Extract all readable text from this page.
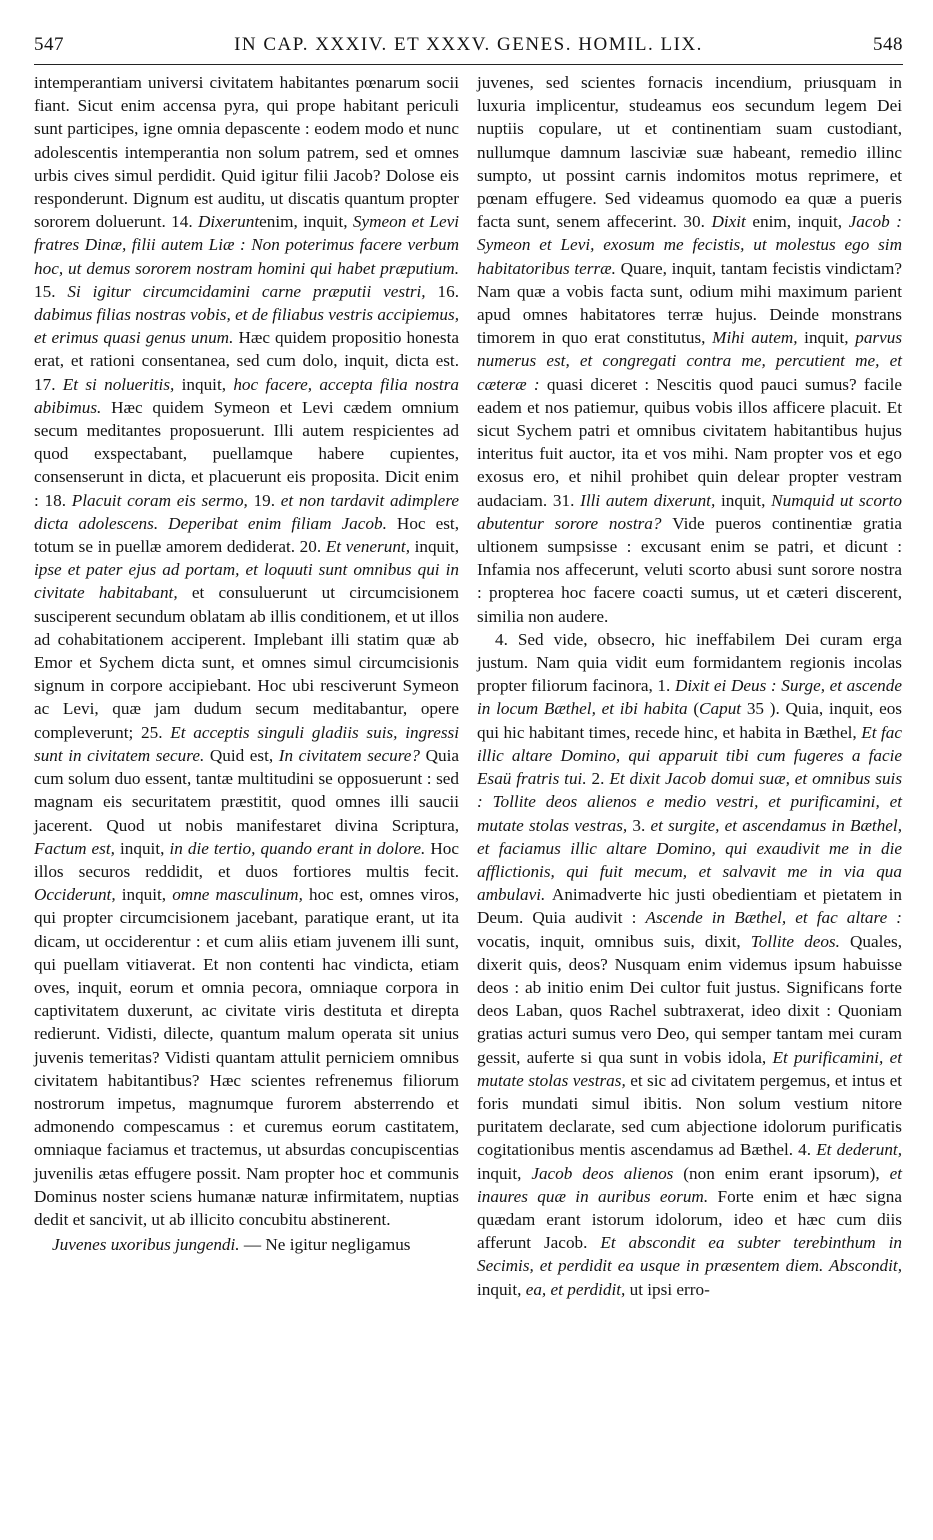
547	IN CAP. XXXIV. ET XXXV. GENES. HOMIL. LIX.	548

intemperantiam universi civitatem habitantes pœnarum socii fiant. Sicut enim accensa pyra, qui prope habitant periculi sunt participes, igne omnia depascente : eodem modo et nunc adolescentis intemperantia non solum patrem, sed et omnes urbis cives simul perdidit. Quid igitur filii Jacob? Dolose eis responderunt. Dignum est auditu, ut discatis quantum propter sororem doluerunt. 14. Dixeruntenim, inquit, Symeon et Levi fratres Dinæ, filii autem Liæ : Non poterimus facere verbum hoc, ut demus sororem nostram homini qui habet præputium. 15. Si igitur circumcidamini carne præputii vestri, 16. dabimus filias nostras vobis, et de filiabus vestris accipiemus, et erimus quasi genus unum. Hæc quidem propositio honesta erat, et rationi consentanea, sed cum dolo, inquit, dicta est. 17. Et si nolueritis, inquit, hoc facere, accepta filia nostra abibimus. Hæc quidem Symeon et Levi cædem omnium secum meditantes proposuerunt. Illi autem respicientes ad quod exspectabant, puellamque habere cupientes, consenserunt in dicta, et placuerunt eis proposita. Dicit enim : 18. Placuit coram eis sermo, 19. et non tardavit adimplere dicta adolescens. Deperibat enim filiam Jacob. Hoc est, totum se in puellæ amorem dediderat. 20. Et venerunt, inquit, ipse et pater ejus ad portam, et loquuti sunt omnibus qui in civitate habitabant, et consuluerunt ut circumcisionem susciperent secundum oblatam ab illis conditionem, et ut illos ad cohabitationem acciperent. Implebant illi statim quæ ab Emor et Sychem dicta sunt, et omnes simul circumcisionis signum in corpore accipiebant. Hoc ubi resciverunt Symeon ac Levi, quæ jam dudum secum meditabantur, opere compleverunt; 25. Et acceptis singuli gladiis suis, ingressi sunt in civitatem secure. Quid est, In civitatem secure? Quia cum solum duo essent, tantæ multitudini se opposuerunt : sed magnam eis securitatem præstitit, quod omnes illi saucii jacerent. Quod ut nobis manifestaret divina Scriptura, Factum est, inquit, in die tertio, quando erant in dolore. Hoc illos securos reddidit, et duos fortiores multis fecit. Occiderunt, inquit, omne masculinum, hoc est, omnes viros, qui propter circumcisionem jacebant, paratique erant, ut ita dicam, ut occiderentur : et cum aliis etiam juvenem illi sunt, qui puellam vitiaverat. Et non contenti hac vindicta, etiam oves, inquit, eorum et omnia pecora, omniaque corpora in captivitatem duxerunt, ac civitate viris destituta et direpta redierunt. Vidisti, dilecte, quantum malum operata sit unius juvenis temeritas? Vidisti quantam attulit perniciem omnibus civitatem habitantibus? Hæc scientes refrenemus filiorum nostrorum impetus, magnumque furorem absterrendo et admonendo compescamus : et curemus eorum castitatem, omniaque faciamus et tractemus, ut absurdas concupiscentias juvenilis ætas effugere possit. Nam propter hoc et communis Dominus noster sciens humanæ naturæ infirmitatem, nuptias dedit et sancivit, ut ab illicito concubitu abstinerent.

Juvenes uxoribus jungendi. — Ne igitur negligamus

juvenes, sed scientes fornacis incendium, priusquam in luxuria implicentur, studeamus eos secundum legem Dei nuptiis copulare, ut et continentiam suam custodiant, nullumque damnum lasciviæ suæ habeant, remedio illinc sumpto, ut possint carnis indomitos motus reprimere, et pœnam effugere. Sed videamus quomodo ea quæ a pueris facta sunt, senem affecerint. 30. Dixit enim, inquit, Jacob : Symeon et Levi, exosum me fecistis, ut molestus ego sim habitatoribus terræ. Quare, inquit, tantam fecistis vindictam? Nam quæ a vobis facta sunt, odium mihi maximum parient apud omnes habitatores terræ hujus. Deinde monstrans timorem in quo erat constitutus, Mihi autem, inquit, parvus numerus est, et congregati contra me, percutient me, et cæteræ : quasi diceret : Nescitis quod pauci sumus? facile eadem et nos patiemur, quibus vobis illos afficere placuit. Et sicut Sychem patri et omnibus civitatem habitantibus hujus interitus fuit auctor, ita et vos mihi. Nam propter vos et ego exosus ero, et nihil prohibet quin delear propter vestram audaciam. 31. Illi autem dixerunt, inquit, Numquid ut scorto abutentur sorore nostra? Vide pueros continentiæ gratia ultionem sumpsisse : excusant enim se patri, et dicunt : Infamia nos affecerunt, veluti scorto abusi sunt sorore nostra : propterea hoc facere coacti sumus, ut et cæteri discerent, similia non audere.

4. Sed vide, obsecro, hic ineffabilem Dei curam erga justum. Nam quia vidit eum formidantem regionis incolas propter filiorum facinora, 1. Dixit ei Deus : Surge, et ascende in locum Bæthel, et ibi habita (Caput 35 ). Quia, inquit, eos qui hic habitant times, recede hinc, et habita in Bæthel, Et fac illic altare Domino, qui apparuit tibi cum fugeres a facie Esaü fratris tui. 2. Et dixit Jacob domui suæ, et omnibus suis : Tollite deos alienos e medio vestri, et purificamini, et mutate stolas vestras, 3. et surgite, et ascendamus in Bæthel, et faciamus illic altare Domino, qui exaudivit me in die afflictionis, qui fuit mecum, et salvavit me in via qua ambulavi. Animadverte hic justi obedientiam et pietatem in Deum. Quia audivit : Ascende in Bæthel, et fac altare : vocatis, inquit, omnibus suis, dixit, Tollite deos. Quales, dixerit quis, deos? Nusquam enim videmus ipsum habuisse deos : ab initio enim Dei cultor fuit justus. Significans forte deos Laban, quos Rachel subtraxerat, ideo dixit : Quoniam gratias acturi sumus vero Deo, qui semper tantam mei curam gessit, auferte si qua sunt in vobis idola, Et purificamini, et mutate stolas vestras, et sic ad civitatem pergemus, et intus et foris mundati simul ibitis. Non solum vestium nitore puritatem declarate, sed cum abjectione idolorum purificatis cogitationibus mentis ascendamus ad Bæthel. 4. Et dederunt, inquit, Jacob deos alienos (non enim erant ipsorum), et inaures quæ in auribus eorum. Forte enim et hæc signa quædam erant istorum idolorum, ideo et hæc cum diis afferunt Jacob. Et abscondit ea subter terebinthum in Secimis, et perdidit ea usque in præsentem diem. Abscondit, inquit, ea, et perdidit, ut ipsi erro-
